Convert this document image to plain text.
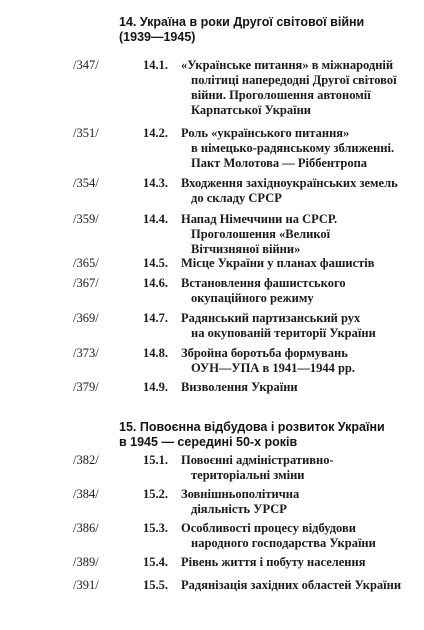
14. Україна в роки Другої світової війни
(1939—1945)
/347/	14.1. «Українське питання» в міжнародній
політиці напередодні Другої світової
війни. Проголошення автономії
Карпатської України
/351/	14.2. Роль «українського питання»
в німецько-радянському зближенні.
Пакт Молотова — Ріббентропа
/354/	14.3. Входження західноукраїнських земель
до складу СРСР
/359/	14.4. Напад Німеччини на СРСР.
Проголошення «Великої
Вітчизняної війни»
/365/	14.5. Місце України у планах фашистів
/367/	14.6. Встановлення фашистського
окупаційного режиму
/369/	14.7. Радянський партизанський рух
на окупованій території України
/373/	14.8. Збройна боротьба формувань
ОУН—УПА в 1941—1944 рр.
/379/	14.9. Визволення України
15. Повоєнна відбудова і розвиток України
в 1945 — середині 50-х років
/382/	15.1. Повоєнні адміністративно-
територіальні зміни
/384/	15.2. Зовнішньополітична
діяльність УРСР
/386/	15.3. Особливості процесу відбудови
народного господарства України
/389/	15.4. Рівень життя і побуту населення
/391/	15.5. Радянізація західних областей України
